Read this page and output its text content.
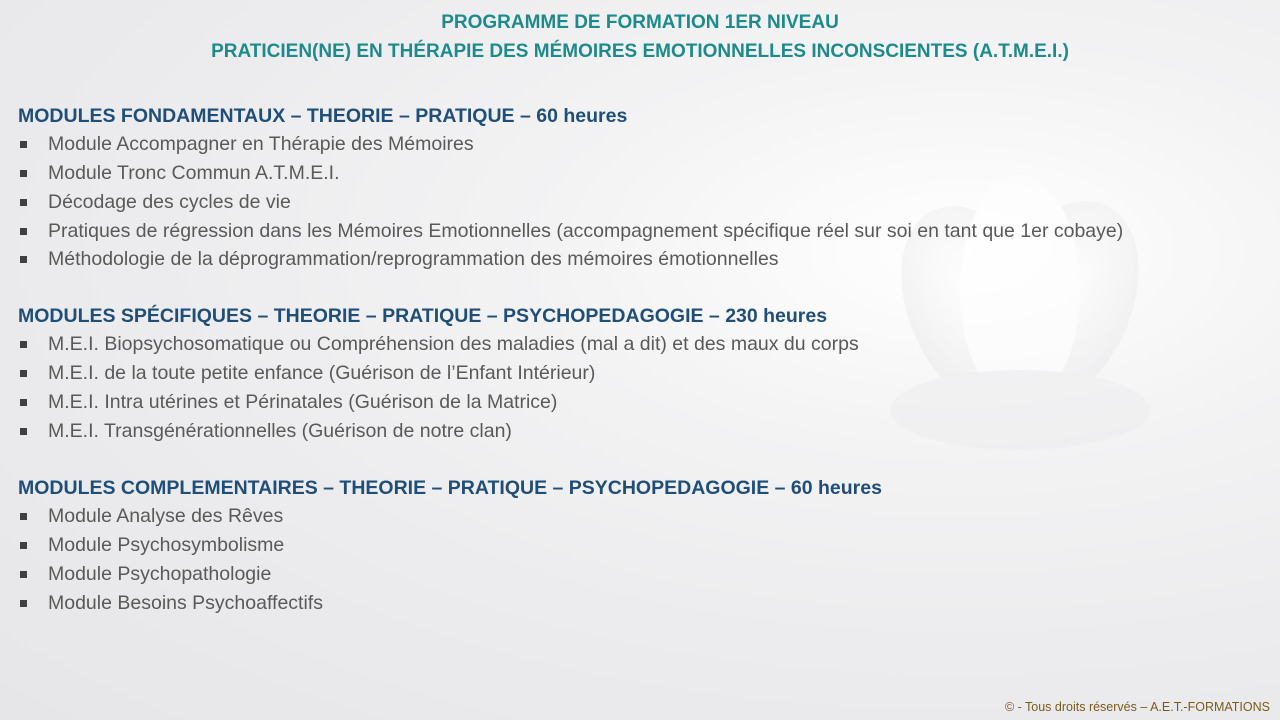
PROGRAMME DE FORMATION 1ER NIVEAU
PRATICIEN(NE) EN THÉRAPIE DES MÉMOIRES EMOTIONNELLES INCONSCIENTES (A.T.M.E.I.)

MODULES FONDAMENTAUX – THEORIE – PRATIQUE – 60 heures

Module Accompagner en Thérapie des Mémoires
Module Tronc Commun A.T.M.E.I.
Décodage des cycles de vie
Pratiques de régression dans les Mémoires Emotionnelles (accompagnement spécifique réel sur soi en tant que 1er cobaye)
Méthodologie de la déprogrammation/reprogrammation des mémoires émotionnelles

MODULES SPÉCIFIQUES – THEORIE – PRATIQUE – PSYCHOPEDAGOGIE – 230 heures

M.E.I. Biopsychosomatique ou Compréhension des maladies (mal a dit) et des maux du corps
M.E.I. de la toute petite enfance (Guérison de l’Enfant Intérieur)
M.E.I. Intra utérines et Périnatales (Guérison de la Matrice)
M.E.I. Transgénérationnelles (Guérison de notre clan)

MODULES COMPLEMENTAIRES – THEORIE – PRATIQUE – PSYCHOPEDAGOGIE – 60 heures

Module Analyse des Rêves
Module Psychosymbolisme
Module Psychopathologie
Module Besoins Psychoaffectifs
© - Tous droits réservés – A.E.T.-FORMATIONS
